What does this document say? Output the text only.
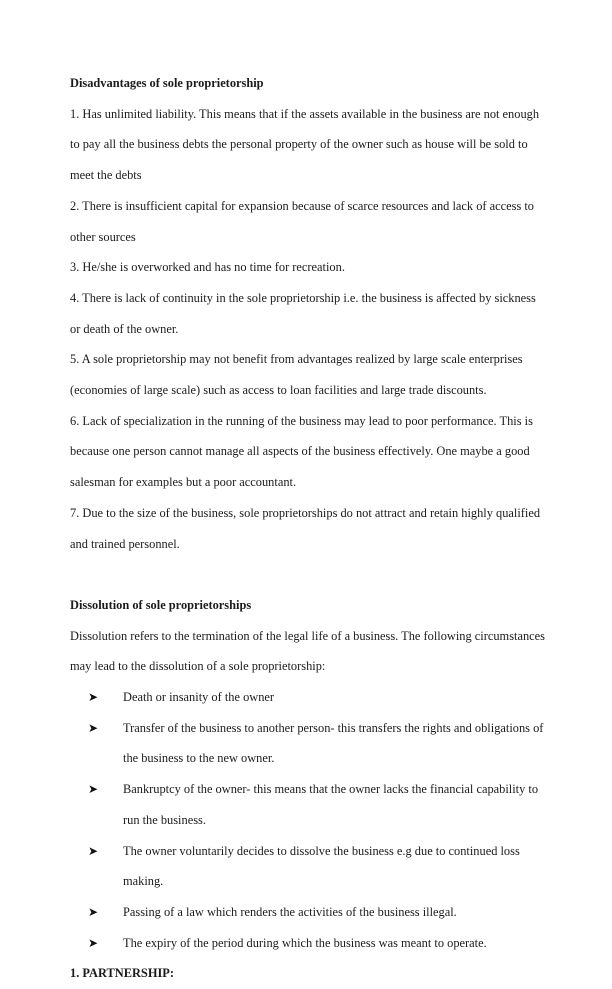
Disadvantages of sole proprietorship

1. Has unlimited liability. This means that if the assets available in the business are not enough to pay all the business debts the personal property of the owner such as house will be sold to meet the debts

2. There is insufficient capital for expansion because of scarce resources and lack of access to other sources

3. He/she is overworked and has no time for recreation.

4. There is lack of continuity in the sole proprietorship i.e. the business is affected by sickness or death of the owner.

5. A sole proprietorship may not benefit from advantages realized by large scale enterprises (economies of large scale) such as access to loan facilities and large trade discounts.

6. Lack of specialization in the running of the business may lead to poor performance. This is because one person cannot manage all aspects of the business effectively. One maybe a good salesman for examples but a poor accountant.

7. Due to the size of the business, sole proprietorships do not attract and retain highly qualified and trained personnel.

Dissolution of sole proprietorships

Dissolution refers to the termination of the legal life of a business. The following circumstances may lead to the dissolution of a sole proprietorship:

➤	Death or insanity of the owner
➤	Transfer of the business to another person- this transfers the rights and obligations of the business to the new owner.
➤	Bankruptcy of the owner- this means that the owner lacks the financial capability to run the business.
➤	The owner voluntarily decides to dissolve the business e.g due to continued loss making.
➤	Passing of a law which renders the activities of the business illegal.
➤	The expiry of the period during which the business was meant to operate.
1. PARTNERSHIP:
